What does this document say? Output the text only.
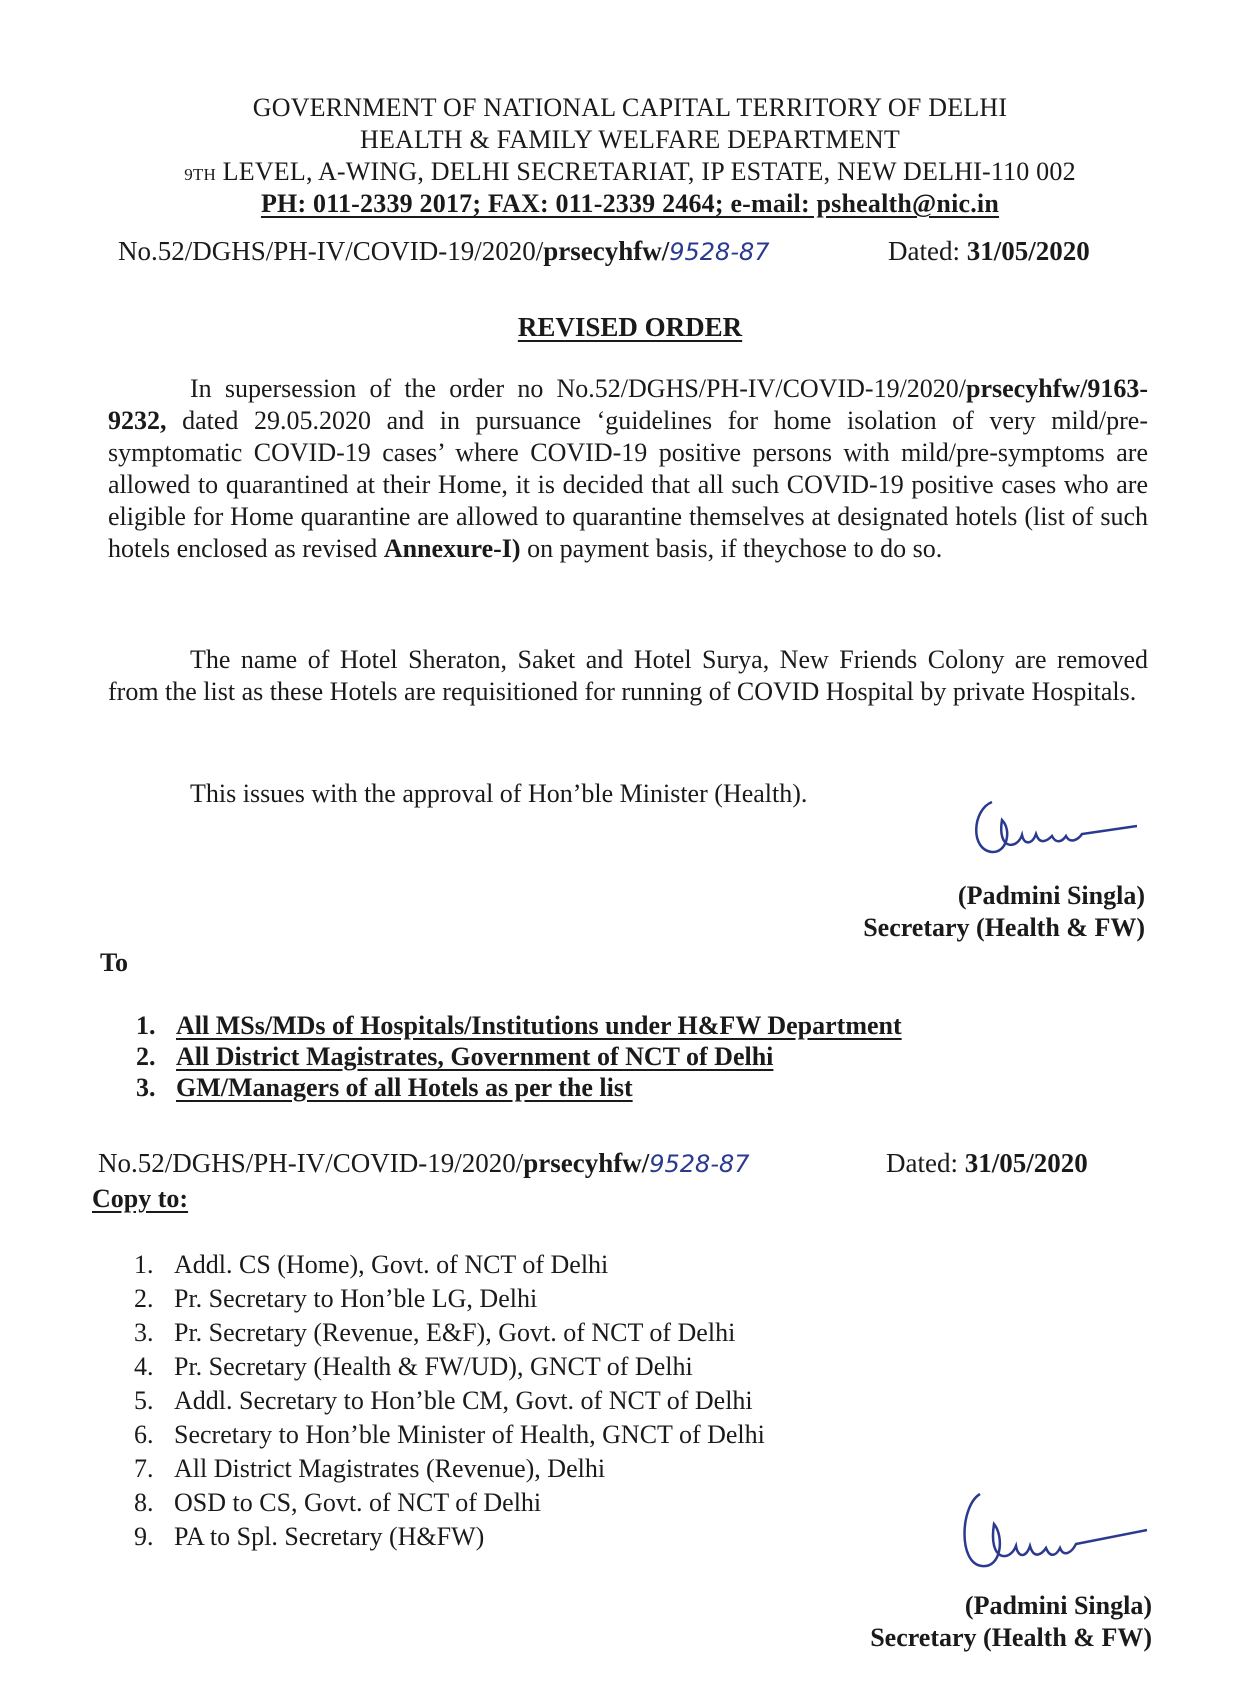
GOVERNMENT OF NATIONAL CAPITAL TERRITORY OF DELHI
HEALTH & FAMILY WELFARE DEPARTMENT
9TH LEVEL, A-WING, DELHI SECRETARIAT, IP ESTATE, NEW DELHI-110 002
PH: 011-2339 2017; FAX: 011-2339 2464; e-mail: pshealth@nic.in
No.52/DGHS/PH-IV/COVID-19/2020/prsecyhfw/9528-87	Dated: 31/05/2020
REVISED ORDER
In supersession of the order no No.52/DGHS/PH-IV/COVID-19/2020/prsecyhfw/9163-9232, dated 29.05.2020 and in pursuance ‘guidelines for home isolation of very mild/pre-symptomatic COVID-19 cases’ where COVID-19 positive persons with mild/pre-symptoms are allowed to quarantined at their Home, it is decided that all such COVID-19 positive cases who are eligible for Home quarantine are allowed to quarantine themselves at designated hotels (list of such hotels enclosed as revised Annexure-I) on payment basis, if theychose to do so.
The name of Hotel Sheraton, Saket and Hotel Surya, New Friends Colony are removed from the list as these Hotels are requisitioned for running of COVID Hospital by private Hospitals.
This issues with the approval of Hon’ble Minister (Health).
(Padmini Singla)
Secretary (Health & FW)
To
1. All MSs/MDs of Hospitals/Institutions under H&FW Department
2. All District Magistrates, Government of NCT of Delhi
3. GM/Managers of all Hotels as per the list
No.52/DGHS/PH-IV/COVID-19/2020/prsecyhfw/9528-87	Dated: 31/05/2020
Copy to:
1. Addl. CS (Home), Govt. of NCT of Delhi
2. Pr. Secretary to Hon’ble LG, Delhi
3. Pr. Secretary (Revenue, E&F), Govt. of NCT of Delhi
4. Pr. Secretary (Health & FW/UD), GNCT of Delhi
5. Addl. Secretary to Hon’ble CM, Govt. of NCT of Delhi
6. Secretary to Hon’ble Minister of Health, GNCT of Delhi
7. All District Magistrates (Revenue), Delhi
8. OSD to CS, Govt. of NCT of Delhi
9. PA to Spl. Secretary (H&FW)
(Padmini Singla)
Secretary (Health & FW)
